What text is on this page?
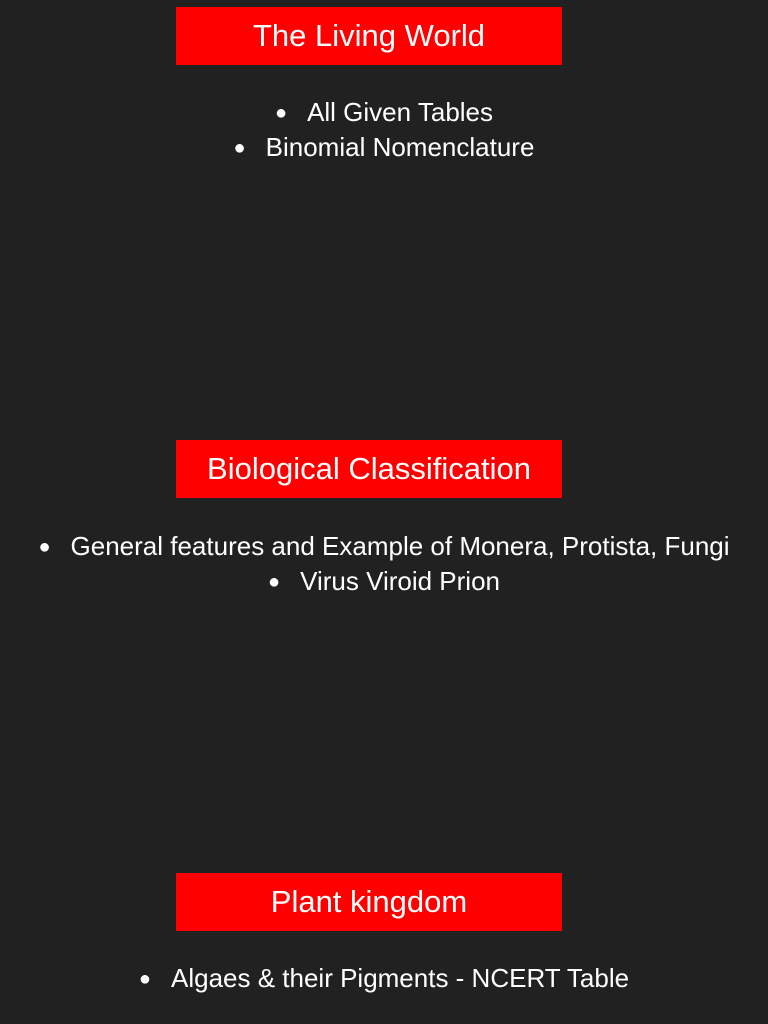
The Living World
● All Given Tables
● Binomial Nomenclature
Biological Classification
● General features and Example of Monera, Protista, Fungi
● Virus Viroid Prion
Plant kingdom
● Algaes & their Pigments - NCERT Table
